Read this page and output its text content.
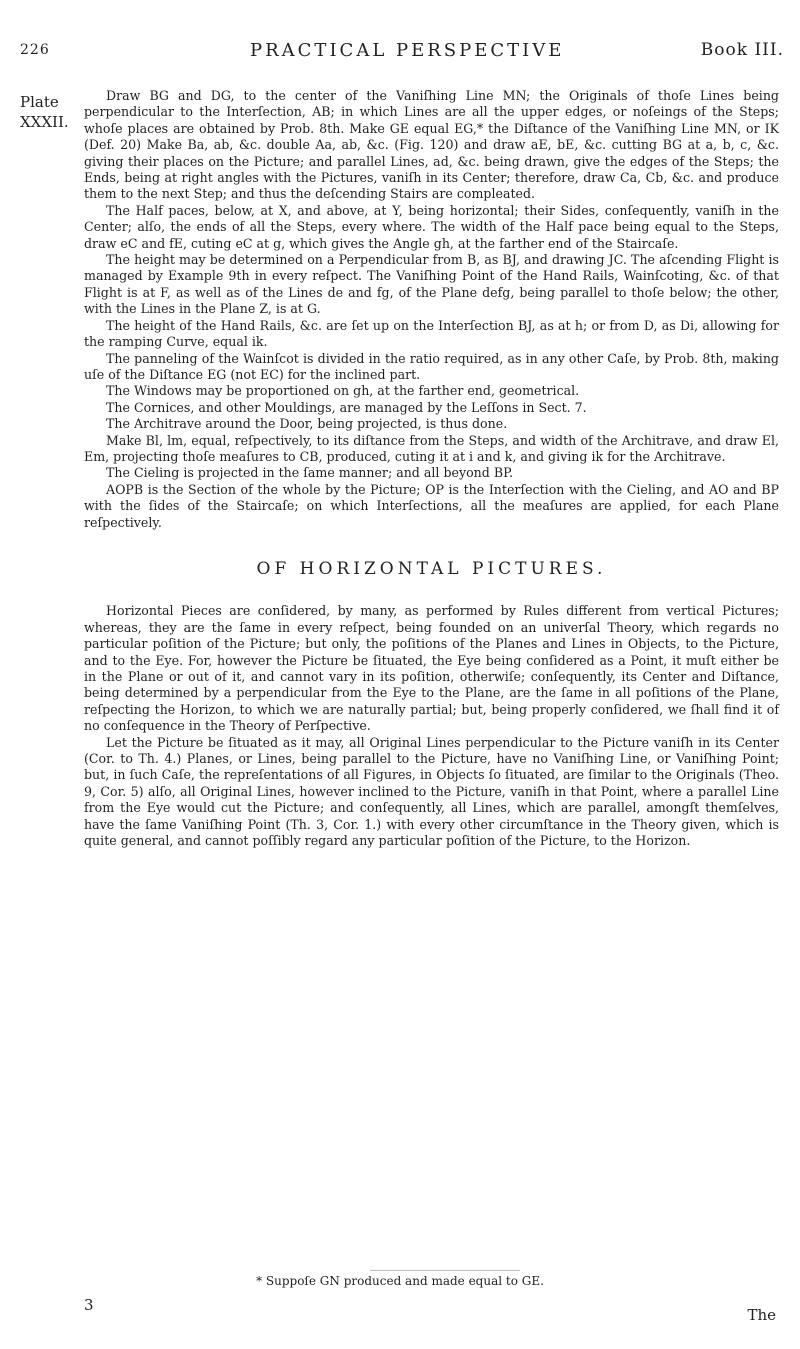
226	PRACTICAL PERSPECTIVE	Book III.
Plate
XXXII.

Draw BG and DG, to the center of the Vaniſhing Line MN; the Originals of thoſe Lines being perpendicular to the Interſection, AB; in which Lines are all the upper edges, or noſeings of the Steps; whoſe places are obtained by Prob. 8th. Make GE equal EG,* the Diſtance of the Vaniſhing Line MN, or IK (Def. 20) Make Ba, ab, &c. double Aa, ab, &c. (Fig. 120) and draw aE, bE, &c. cutting BG at a, b, c, &c. giving their places on the Picture; and parallel Lines, ad, &c. being drawn, give the edges of the Steps; the Ends, being at right angles with the Pictures, vaniſh in its Center; therefore, draw Ca, Cb, &c. and produce them to the next Step; and thus the deſcending Stairs are compleated.

The Half paces, below, at X, and above, at Y, being horizontal; their Sides, conſequently, vaniſh in the Center; alſo, the ends of all the Steps, every where. The width of the Half pace being equal to the Steps, draw eC and fE, cuting eC at g, which gives the Angle gh, at the farther end of the Staircaſe.

The height may be determined on a Perpendicular from B, as BJ, and drawing JC. The aſcending Flight is managed by Example 9th in every reſpect. The Vaniſhing Point of the Hand Rails, Wainſcoting, &c. of that Flight is at F, as well as of the Lines de and fg, of the Plane defg, being parallel to thoſe below; the other, with the Lines in the Plane Z, is at G.

The height of the Hand Rails, &c. are ſet up on the Interſection BJ, as at h; or from D, as Di, allowing for the ramping Curve, equal ik.

The panneling of the Wainſcot is divided in the ratio required, as in any other Caſe, by Prob. 8th, making uſe of the Diſtance EG (not EC) for the inclined part.

The Windows may be proportioned on gh, at the farther end, geometrical.

The Cornices, and other Mouldings, are managed by the Leſſons in Sect. 7.

The Architrave around the Door, being projected, is thus done.

Make Bl, lm, equal, reſpectively, to its diſtance from the Steps, and width of the Architrave, and draw El, Em, projecting thoſe meaſures to CB, produced, cuting it at i and k, and giving ik for the Architrave.

The Cieling is projected in the ſame manner; and all beyond BP.

AOPB is the Section of the whole by the Picture; OP is the Interſection with the Cieling, and AO and BP with the ſides of the Staircaſe; on which Interſections, all the meaſures are applied, for each Plane reſpectively.

OF HORIZONTAL PICTURES.

Horizontal Pieces are conſidered, by many, as performed by Rules different from vertical Pictures; whereas, they are the ſame in every reſpect, being founded on an univerſal Theory, which regards no particular poſition of the Picture; but only, the poſitions of the Planes and Lines in Objects, to the Picture, and to the Eye. For, however the Picture be ſituated, the Eye being conſidered as a Point, it muſt either be in the Plane or out of it, and cannot vary in its poſition, otherwiſe; conſequently, its Center and Diſtance, being determined by a perpendicular from the Eye to the Plane, are the ſame in all poſitions of the Plane, reſpecting the Horizon, to which we are naturally partial; but, being properly conſidered, we ſhall find it of no conſequence in the Theory of Perſpective.

Let the Picture be ſituated as it may, all Original Lines perpendicular to the Picture vaniſh in its Center (Cor. to Th. 4.) Planes, or Lines, being parallel to the Picture, have no Vaniſhing Line, or Vaniſhing Point; but, in ſuch Caſe, the repreſentations of all Figures, in Objects ſo ſituated, are ſimilar to the Originals (Theo. 9, Cor. 5) alſo, all Original Lines, however inclined to the Picture, vaniſh in that Point, where a parallel Line from the Eye would cut the Picture; and conſequently, all Lines, which are parallel, amongſt themſelves, have the ſame Vaniſhing Point (Th. 3, Cor. 1.) with every other circumſtance in the Theory given, which is quite general, and cannot poſſibly regard any particular poſition of the Picture, to the Horizon.

* Suppoſe GN produced and made equal to GE.
3
The
